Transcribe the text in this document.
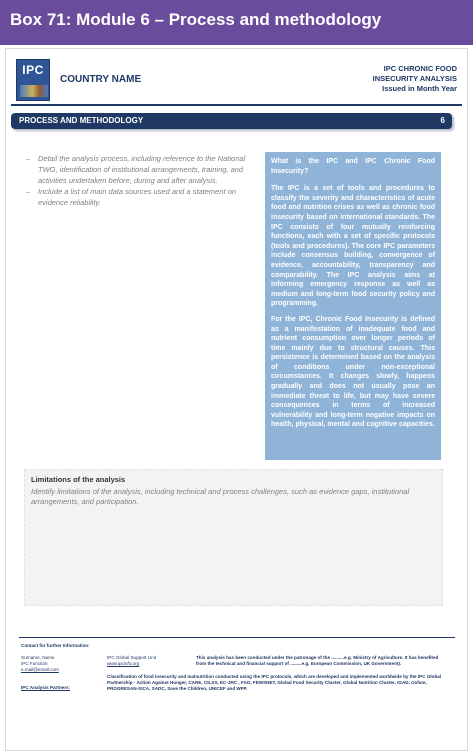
Box 71: Module 6 – Process and methodology
IPC
COUNTRY NAME
IPC CHRONIC FOOD
INSECURITY ANALYSIS
Issued in Month Year
PROCESS AND METHODOLOGY	6
– Detail the analysis process, including reference to the National TWG, identification of institutional arrangements, training, and activities undertaken before, during and after analysis.
– Include a list of main data sources used and a statement on evidence reliability.

What is the IPC and IPC Chronic Food Insecurity?

The IPC is a set of tools and procedures to classify the severity and characteristics of acute food and nutrition crises as well as chronic food insecurity based on international standards. The IPC consists of four mutually reinforcing functions, each with a set of specific protocols (tools and procedures). The core IPC parameters include consensus building, convergence of evidence, accountability, transparency and comparability. The IPC analysis aims at informing emergency response as well as medium and long-term food security policy and programming.

For the IPC, Chronic Food Insecurity is defined as a manifestation of inadequate food and nutrient consumption over longer periods of time mainly due to structural causes. This persistence is determined based on the analysis of conditions under non-exceptional circumstances. It changes slowly, happens gradually and does not usually pose an immediate threat to life, but may have severe consequences in terms of increased vulnerability and long-term negative impacts on health, physical, mental and cognitive capacities.

Limitations of the analysis
Identify limitations of the analysis, including technical and process challenges, such as evidence gaps, institutional arrangements, and participation.
Contact for further Information:
Surname, Name
IPC Function
e.mail@email.com
IPC Global Support Unit
www.ipcinfo.org
This analysis has been conducted under the patronage of the ..........e.g. Ministry of Agriculture. It has benefited from the technical and financial support of .........e.g. European Commission, UK Government).
Classification of food insecurity and malnutrition conducted using the IPC protocols, which are developed and implemented worldwide by the IPC Global Partnership - Action Against Hunger, CARE, CILSS, EC-JRC , FAO, FEWSNET, Global Food Security Cluster, Global Nutrition Cluster, IGAD, Oxfam, PROGRESAN-SICA, SADC, Save the Children, UNICEF and WFP.
IPC Analysis Partners:
